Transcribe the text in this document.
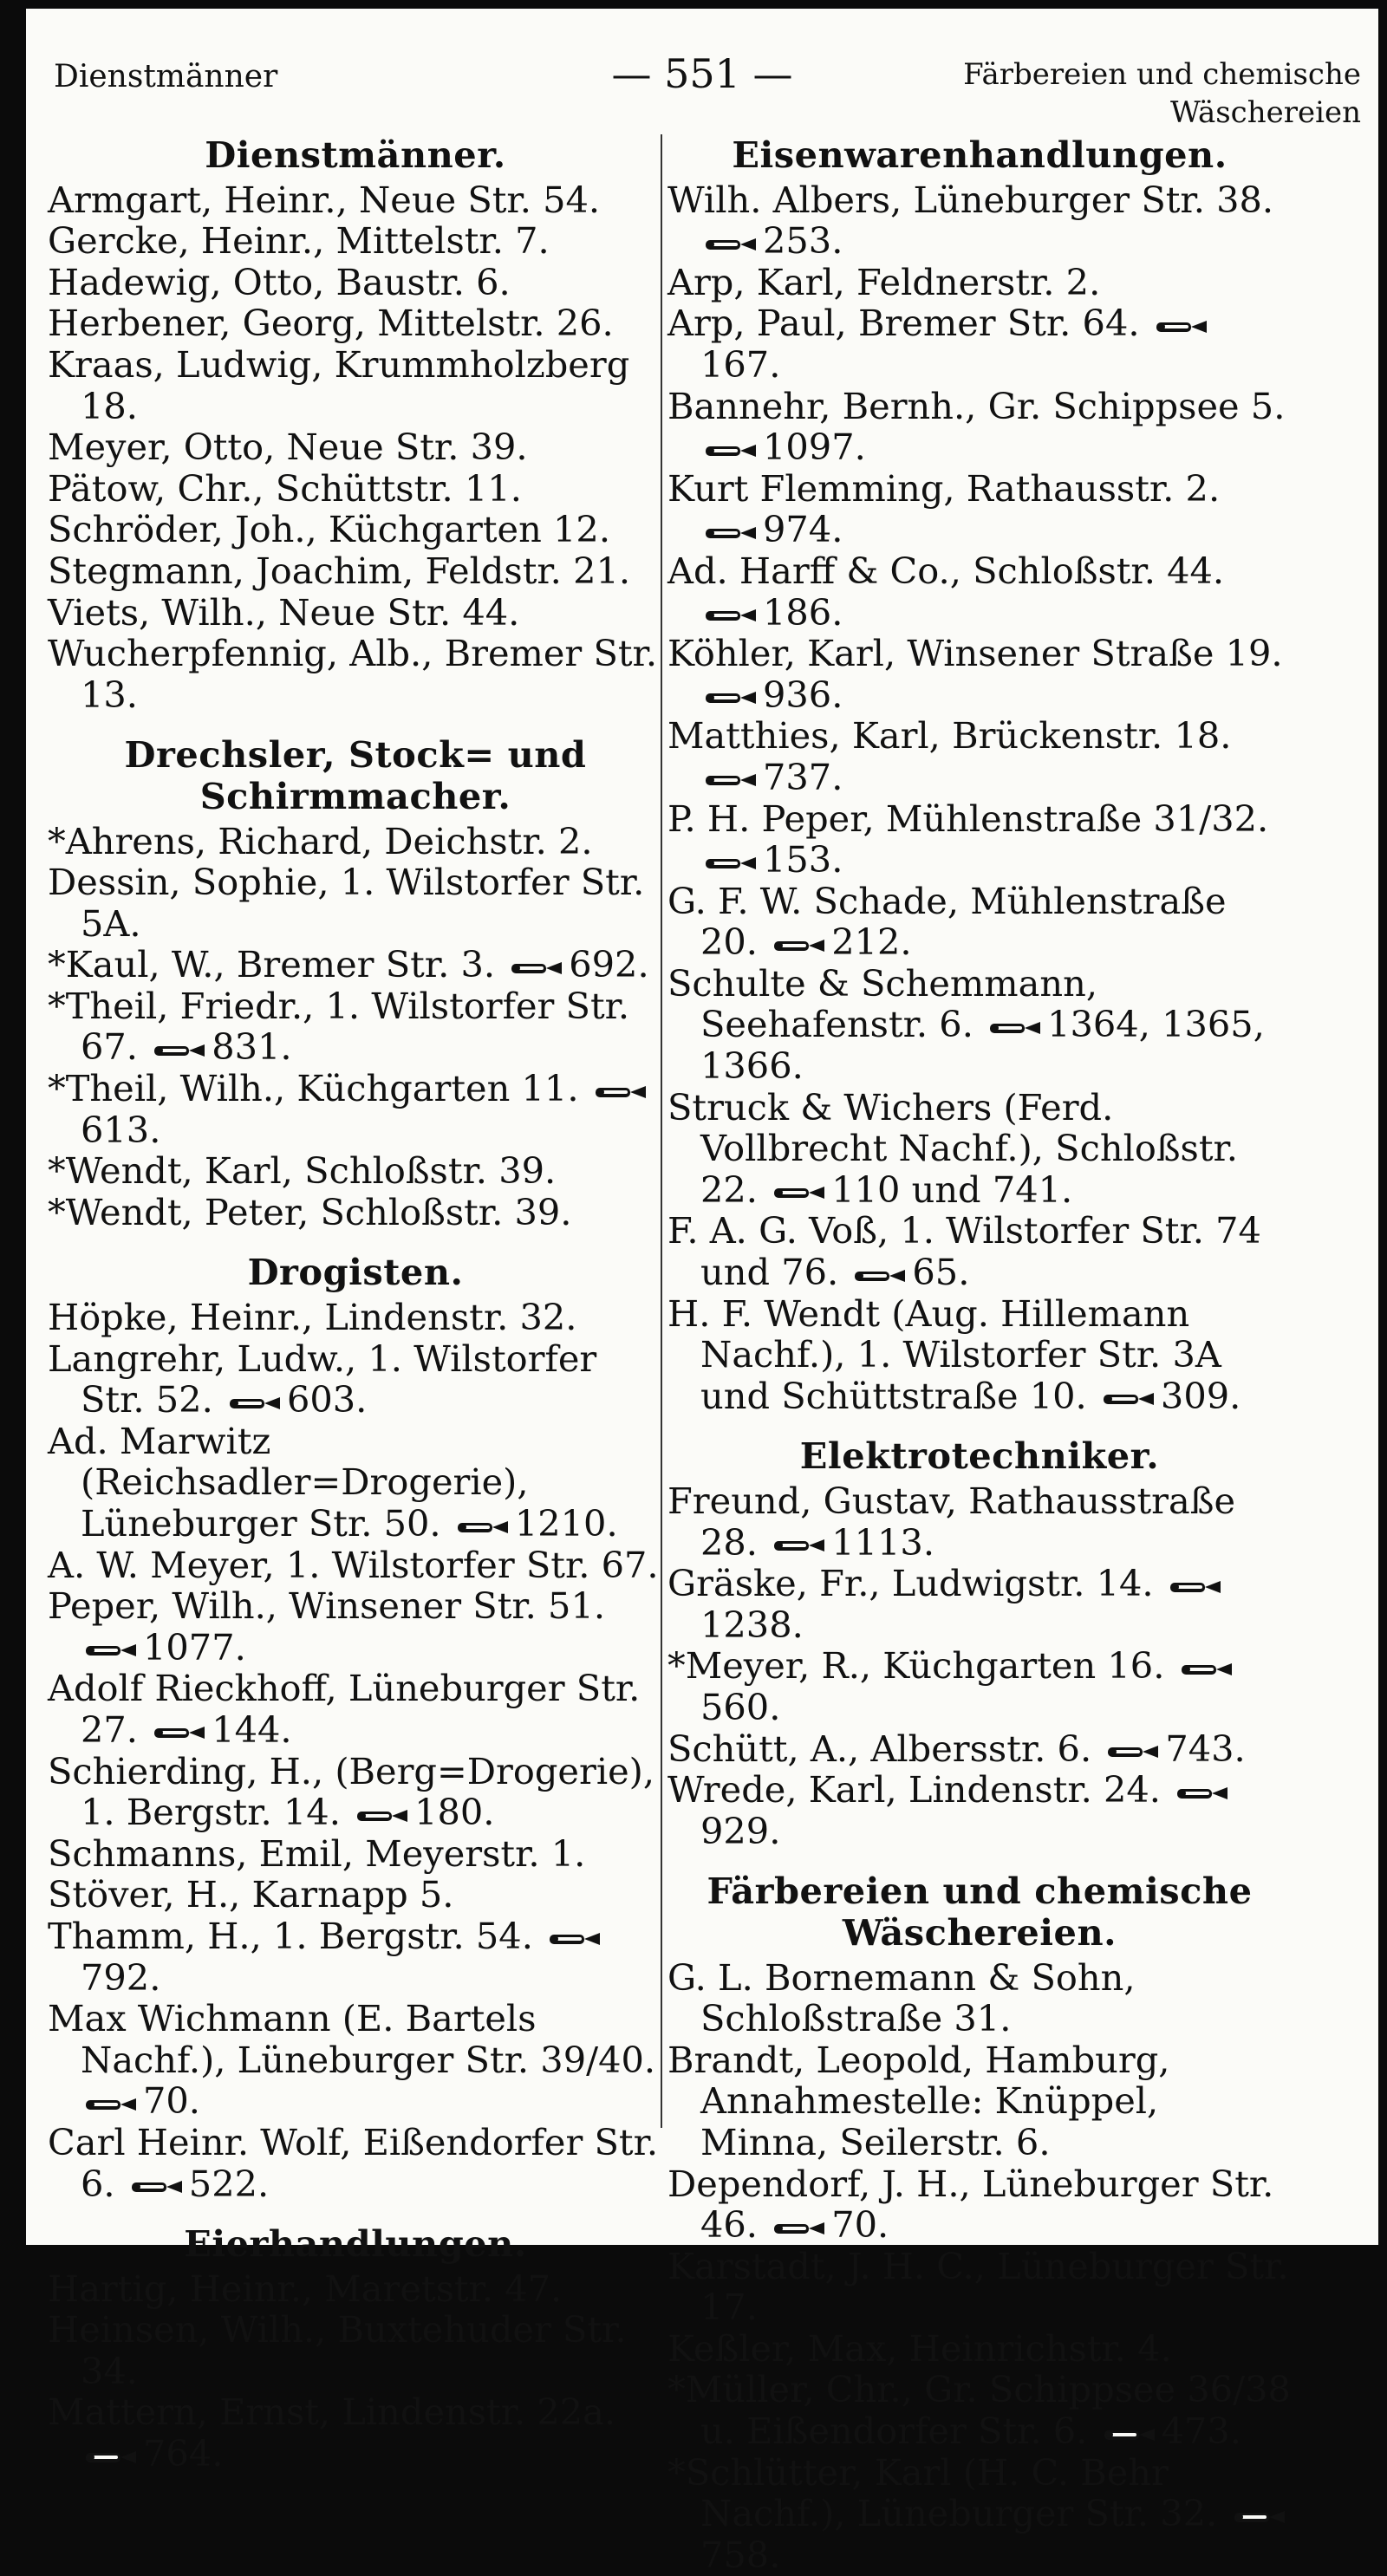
Dienstmänner	— 551 —	Färbereien und chemische
Wäschereien
Dienstmänner.
Armgart, Heinr., Neue Str. 54.
Gercke, Heinr., Mittelstr. 7.
Hadewig, Otto, Baustr. 6.
Herbener, Georg, Mittelstr. 26.
Kraas, Ludwig, Krummholzberg 18.
Meyer, Otto, Neue Str. 39.
Pätow, Chr., Schüttstr. 11.
Schröder, Joh., Küchgarten 12.
Stegmann, Joachim, Feldstr. 21.
Viets, Wilh., Neue Str. 44.
Wucherpfennig, Alb., Bremer Str. 13.
Drechsler, Stock= und Schirmmacher.
*Ahrens, Richard, Deichstr. 2.
Dessin, Sophie, 1. Wilstorfer Str. 5A.
*Kaul, W., Bremer Str. 3.
692.
*Theil, Friedr., 1. Wilstorfer Str. 67.
831.
*Theil, Wilh., Küchgarten 11.
613.
*Wendt, Karl, Schloßstr. 39.
*Wendt, Peter, Schloßstr. 39.
Drogisten.
Höpke, Heinr., Lindenstr. 32.
Langrehr, Ludw., 1. Wilstorfer Str. 52.
603.
Ad. Marwitz (Reichsadler=Drogerie), Lüneburger Str. 50.
1210.
A. W. Meyer, 1. Wilstorfer Str. 67.
Peper, Wilh., Winsener Str. 51.
1077.
Adolf Rieckhoff, Lüneburger Str. 27.
144.
Schierding, H., (Berg=Drogerie), 1. Bergstr. 14.
180.
Schmanns, Emil, Meyerstr. 1.
Stöver, H., Karnapp 5.
Thamm, H., 1. Bergstr. 54.
792.
Max Wichmann (E. Bartels Nachf.), Lüneburger Str. 39/40.
70.
Carl Heinr. Wolf, Eißendorfer Str. 6.
522.
Eierhandlungen.
Hartig, Heinr., Maretstr. 47.
Heinsen, Wilh., Buxtehuder Str. 34.
Mattern, Ernst, Lindenstr. 22a.
764.
Eisenwarenhandlungen.
Wilh. Albers, Lüneburger Str. 38.
253.
Arp, Karl, Feldnerstr. 2.
Arp, Paul, Bremer Str. 64.
167.
Bannehr, Bernh., Gr. Schippsee 5.
1097.
Kurt Flemming, Rathausstr. 2.
974.
Ad. Harff & Co., Schloßstr. 44.
186.
Köhler, Karl, Winsener Straße 19.
936.
Matthies, Karl, Brückenstr. 18.
737.
P. H. Peper, Mühlenstraße 31/32.
153.
G. F. W. Schade, Mühlenstraße 20.
212.
Schulte & Schemmann, Seehafenstr. 6.
1364, 1365, 1366.
Struck & Wichers (Ferd. Vollbrecht Nachf.), Schloßstr. 22.
110 und 741.
F. A. G. Voß, 1. Wilstorfer Str. 74 und 76.
65.
H. F. Wendt (Aug. Hillemann Nachf.), 1. Wilstorfer Str. 3A und Schüttstraße 10.
309.
Elektrotechniker.
Freund, Gustav, Rathausstraße 28.
1113.
Gräske, Fr., Ludwigstr. 14.
1238.
*Meyer, R., Küchgarten 16.
560.
Schütt, A., Albersstr. 6.
743.
Wrede, Karl, Lindenstr. 24.
929.
Färbereien und chemische Wäschereien.
G. L. Bornemann & Sohn, Schloßstraße 31.
Brandt, Leopold, Hamburg, Annahmestelle: Knüppel, Minna, Seilerstr. 6.
Dependorf, J. H., Lüneburger Str. 46.
70.
Karstadt, J. H. C., Lüneburger Str. 17.
Keßler, Max, Heinrichstr. 4.
*Müller, Chr., Gr. Schippsee 36/38 u. Eißendorfer Str. 6.
473.
*Schlütter, Karl (H. C. Behr Nachf.), Lüneburger Str. 32.
758.
